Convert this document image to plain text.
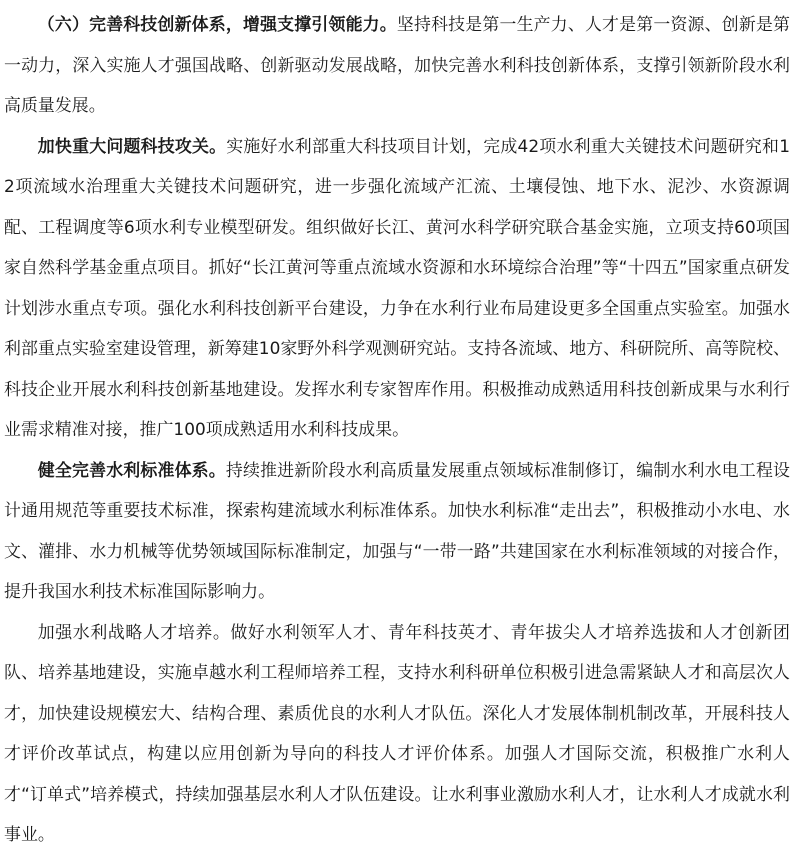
（六）完善科技创新体系，增强支撑引领能力。坚持科技是第一生产力、人才是第一资源、创新是第一动力，深入实施人才强国战略、创新驱动发展战略，加快完善水利科技创新体系，支撑引领新阶段水利高质量发展。

加快重大问题科技攻关。实施好水利部重大科技项目计划，完成42项水利重大关键技术问题研究和12项流域水治理重大关键技术问题研究，进一步强化流域产汇流、土壤侵蚀、地下水、泥沙、水资源调配、工程调度等6项水利专业模型研发。组织做好长江、黄河水科学研究联合基金实施，立项支持60项国家自然科学基金重点项目。抓好“长江黄河等重点流域水资源和水环境综合治理”等“十四五”国家重点研发计划涉水重点专项。强化水利科技创新平台建设，力争在水利行业布局建设更多全国重点实验室。加强水利部重点实验室建设管理，新筹建10家野外科学观测研究站。支持各流域、地方、科研院所、高等院校、科技企业开展水利科技创新基地建设。发挥水利专家智库作用。积极推动成熟适用科技创新成果与水利行业需求精准对接，推广100项成熟适用水利科技成果。

健全完善水利标准体系。持续推进新阶段水利高质量发展重点领域标准制修订，编制水利水电工程设计通用规范等重要技术标准，探索构建流域水利标准体系。加快水利标准“走出去”，积极推动小水电、水文、灌排、水力机械等优势领域国际标准制定，加强与“一带一路”共建国家在水利标准领域的对接合作，提升我国水利技术标准国际影响力。

加强水利战略人才培养。做好水利领军人才、青年科技英才、青年拔尖人才培养选拔和人才创新团队、培养基地建设，实施卓越水利工程师培养工程，支持水利科研单位积极引进急需紧缺人才和高层次人才，加快建设规模宏大、结构合理、素质优良的水利人才队伍。深化人才发展体制机制改革，开展科技人才评价改革试点，构建以应用创新为导向的科技人才评价体系。加强人才国际交流，积极推广水利人才“订单式”培养模式，持续加强基层水利人才队伍建设。让水利事业激励水利人才，让水利人才成就水利事业。
